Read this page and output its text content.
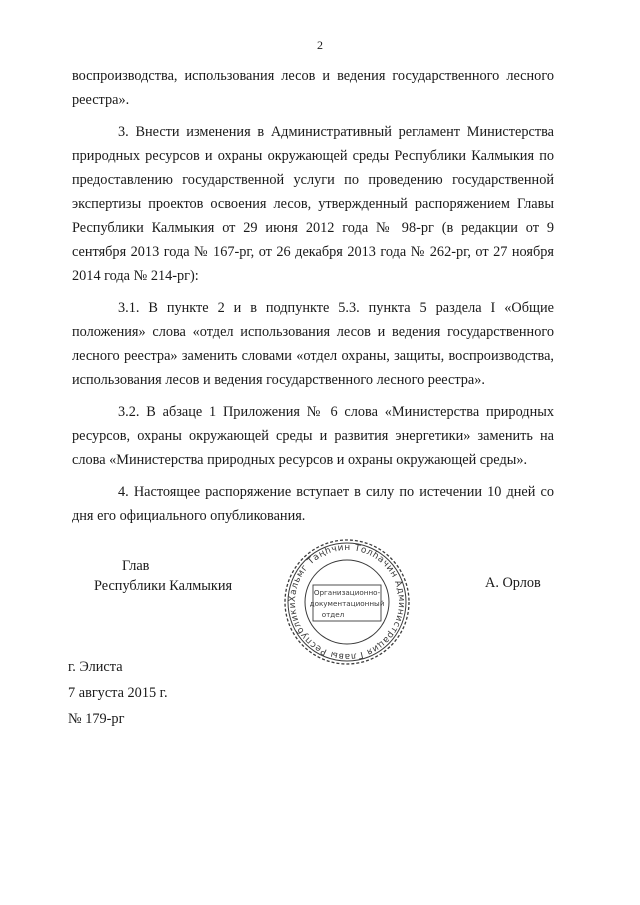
2

воспроизводства, использования лесов и ведения государственного лесного реестра».

3. Внести изменения в Административный регламент Министерства природных ресурсов и охраны окружающей среды Республики Калмыкия по предоставлению государственной услуги по проведению государственной экспертизы проектов освоения лесов, утвержденный распоряжением Главы Республики Калмыкия от 29 июня 2012 года № 98-рг (в редакции от 9 сентября 2013 года № 167-рг, от 26 декабря 2013 года № 262-рг, от 27 ноября 2014 года № 214-рг):

3.1. В пункте 2 и в подпункте 5.3. пункта 5 раздела I «Общие положения» слова «отдел использования лесов и ведения государственного лесного реестра» заменить словами «отдел охраны, защиты, воспроизводства, использования лесов и ведения государственного лесного реестра».

3.2. В абзаце 1 Приложения № 6 слова «Министерства природных ресурсов, охраны окружающей среды и развития энергетики» заменить на слова «Министерства природных ресурсов и охраны окружающей среды».

4. Настоящее распоряжение вступает в силу по истечении 10 дней со дня его официального опубликования.

Глав
Республики Калмыкия
Хальмг Таңһчин Толһачин Администрация Главы Республики
Организационно-
документационный
отдел
А. Орлов
г. Элиста
7 августа 2015 г.
№ 179-рг
